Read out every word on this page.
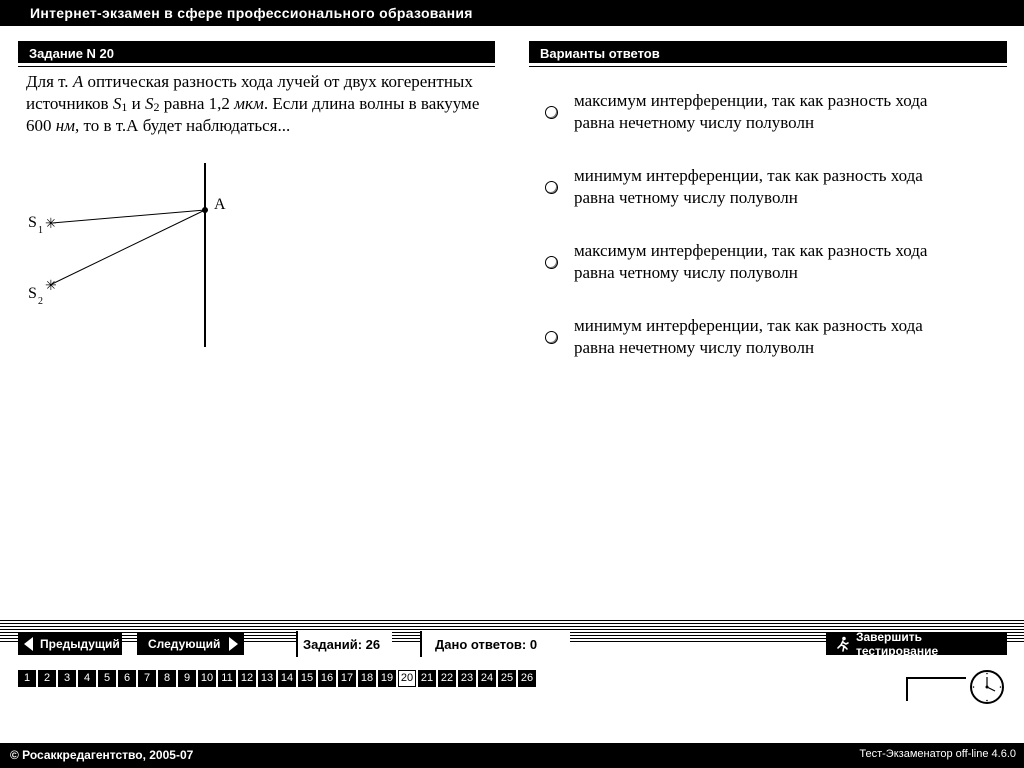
Интернет-экзамен в сфере профессионального образования
Задание N 20	Варианты ответов
Для т. A оптическая разность хода лучей от двух когерентных источников $S_1$ и $S_2$ равна 1,2 мкм. Если длина волны в вакууме 600 нм, то в т.А будет наблюдаться...
A
✳
✳
S 1
S 2
максимум интерференции, так как разность хода
равна нечетному числу полуволн
минимум интерференции, так как разность хода
равна четному числу полуволн
максимум интерференции, так как разность хода
равна четному числу полуволн
минимум интерференции, так как разность хода
равна нечетному числу полуволн
Предыдущий Следующий	Заданий: 26	Дано ответов: 0	Завершить тестирование
1	2	3	4	5	6	7	8	9 10 11 12 13 14 15 16 17 18 19 20 21 22 23 24 25 26
© Росаккредагентство, 2005-07	Тест-Экзаменатор off-line 4.6.0
